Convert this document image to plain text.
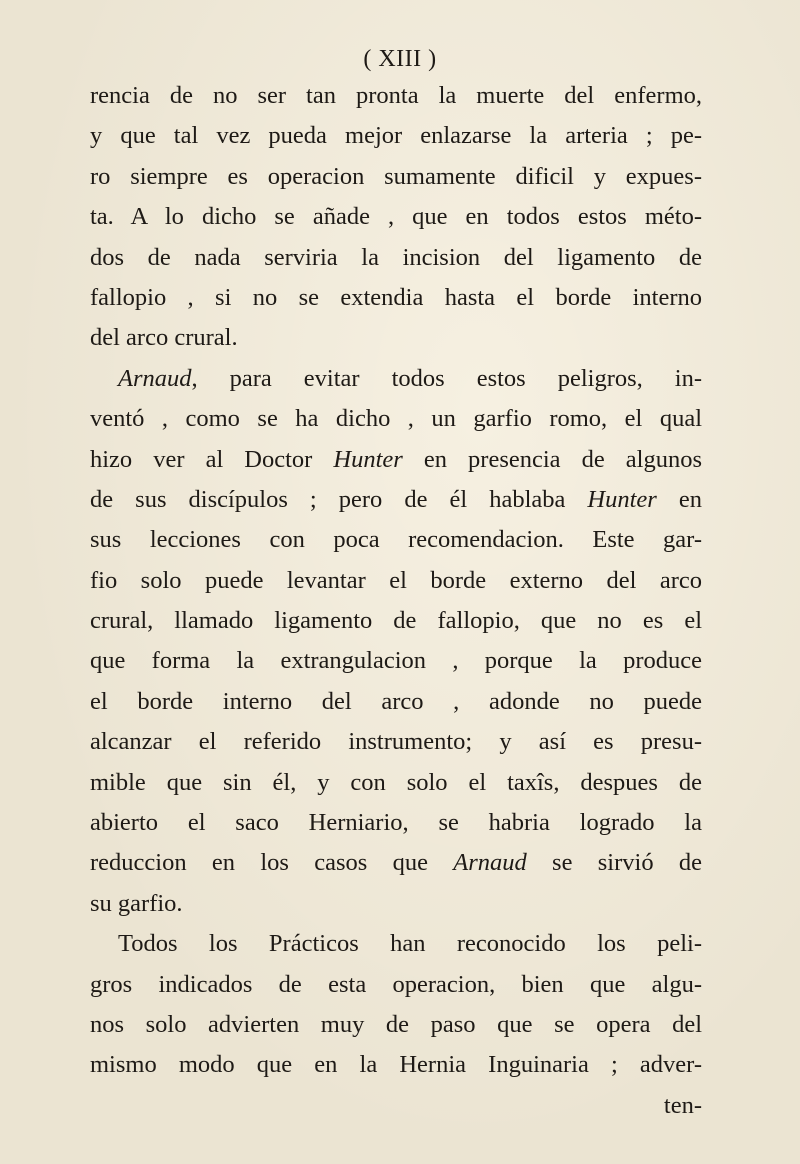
( XIII )
rencia de no ser tan pronta la muerte del enfermo,
y que tal vez pueda mejor enlazarse la arteria ; pe-
ro siempre es operacion sumamente dificil y expues-
ta. A lo dicho se añade , que en todos estos méto-
dos de nada serviria la incision del ligamento de
fallopio , si no se extendia hasta el borde interno
del arco crural.
Arnaud, para evitar todos estos peligros, in-
ventó , como se ha dicho , un garfio romo, el qual
hizo ver al Doctor Hunter en presencia de algunos
de sus discípulos ; pero de él hablaba Hunter en
sus lecciones con poca recomendacion. Este gar-
fio solo puede levantar el borde externo del arco
crural, llamado ligamento de fallopio, que no es el
que forma la extrangulacion , porque la produce
el borde interno del arco , adonde no puede
alcanzar el referido instrumento; y así es presu-
mible que sin él, y con solo el taxîs, despues de
abierto el saco Herniario, se habria logrado la
reduccion en los casos que Arnaud se sirvió de
su garfio.
Todos los Prácticos han reconocido los peli-
gros indicados de esta operacion, bien que algu-
nos solo advierten muy de paso que se opera del
mismo modo que en la Hernia Inguinaria ; adver-
ten-
